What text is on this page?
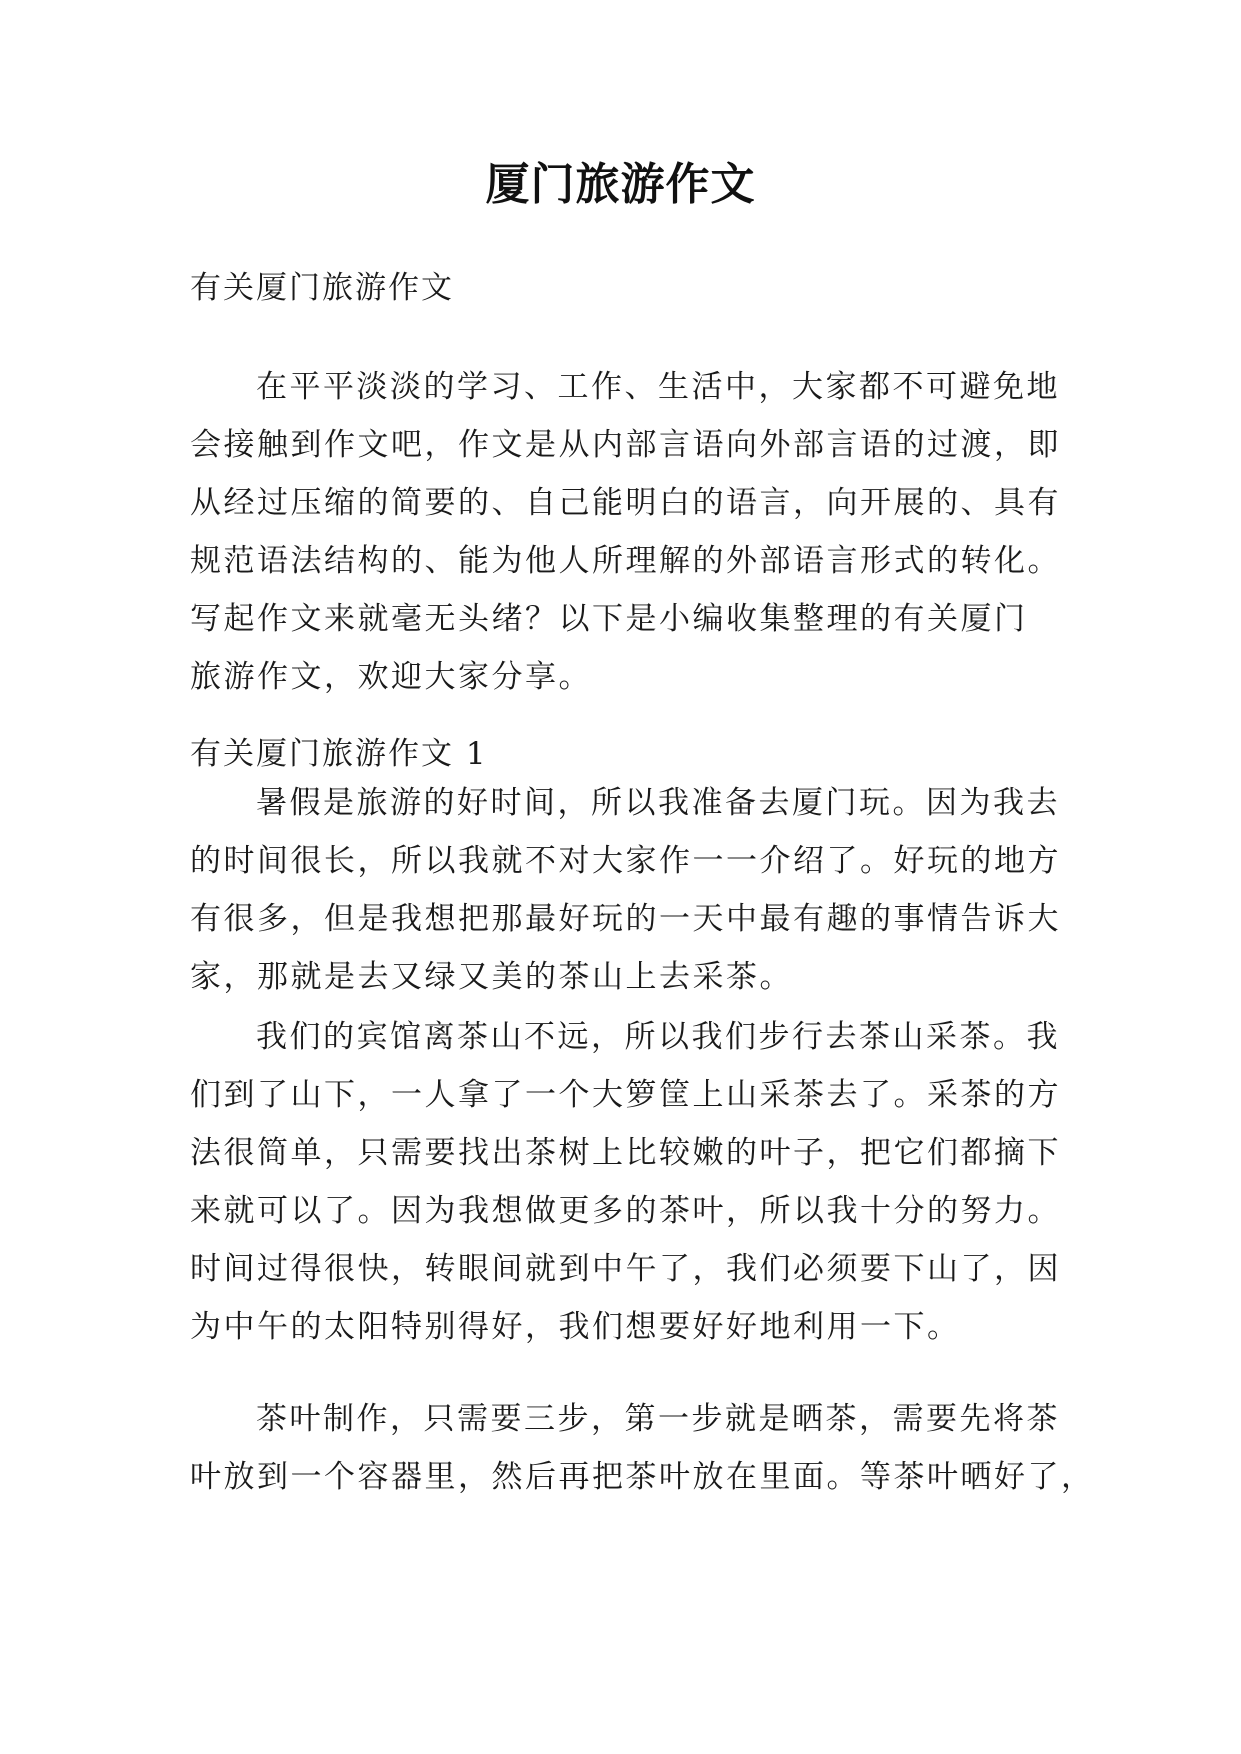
厦门旅游作文

有关厦门旅游作文

在平平淡淡的学习、工作、生活中，大家都不可避免地
会接触到作文吧，作文是从内部言语向外部言语的过渡，即
从经过压缩的简要的、自己能明白的语言，向开展的、具有
规范语法结构的、能为他人所理解的外部语言形式的转化。
写起作文来就毫无头绪？以下是小编收集整理的有关厦门
旅游作文，欢迎大家分享。

有关厦门旅游作文 1

暑假是旅游的好时间，所以我准备去厦门玩。因为我去
的时间很长，所以我就不对大家作一一介绍了。好玩的地方
有很多，但是我想把那最好玩的一天中最有趣的事情告诉大
家，那就是去又绿又美的茶山上去采茶。
我们的宾馆离茶山不远，所以我们步行去茶山采茶。我
们到了山下，一人拿了一个大箩筐上山采茶去了。采茶的方
法很简单，只需要找出茶树上比较嫩的叶子，把它们都摘下
来就可以了。因为我想做更多的茶叶，所以我十分的努力。
时间过得很快，转眼间就到中午了，我们必须要下山了，因
为中午的太阳特别得好，我们想要好好地利用一下。
茶叶制作，只需要三步，第一步就是晒茶，需要先将茶
叶放到一个容器里，然后再把茶叶放在里面。等茶叶晒好了，
